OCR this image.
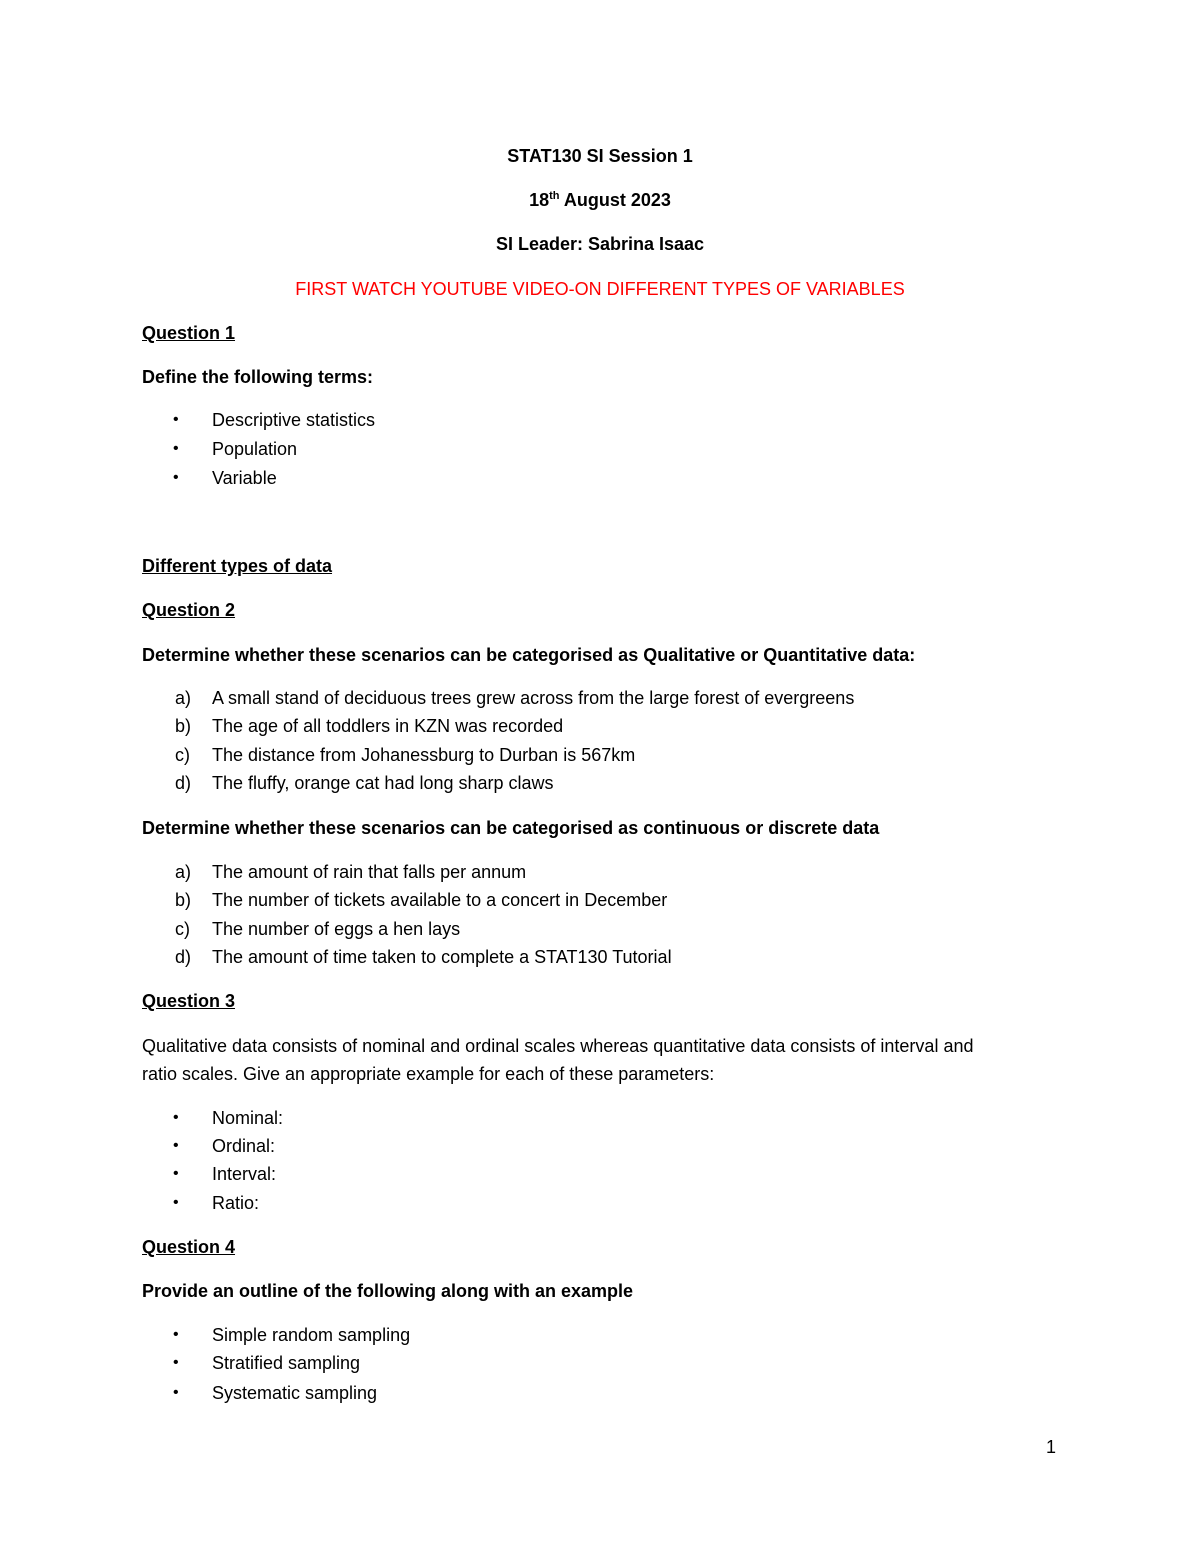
STAT130 SI Session 1
18th August 2023
SI Leader: Sabrina Isaac
FIRST WATCH YOUTUBE VIDEO-ON DIFFERENT TYPES OF VARIABLES
Question 1
Define the following terms:
• Descriptive statistics
• Population
• Variable
Different types of data
Question 2
Determine whether these scenarios can be categorised as Qualitative or Quantitative data:
a) A small stand of deciduous trees grew across from the large forest of evergreens
b) The age of all toddlers in KZN was recorded
c) The distance from Johanessburg to Durban is 567km
d) The fluffy, orange cat had long sharp claws
Determine whether these scenarios can be categorised as continuous or discrete data
a) The amount of rain that falls per annum
b) The number of tickets available to a concert in December
c) The number of eggs a hen lays
d) The amount of time taken to complete a STAT130 Tutorial
Question 3
Qualitative data consists of nominal and ordinal scales whereas quantitative data consists of interval and
ratio scales. Give an appropriate example for each of these parameters:
• Nominal:
• Ordinal:
• Interval:
• Ratio:
Question 4
Provide an outline of the following along with an example
• Simple random sampling
• Stratified sampling
• Systematic sampling
1
